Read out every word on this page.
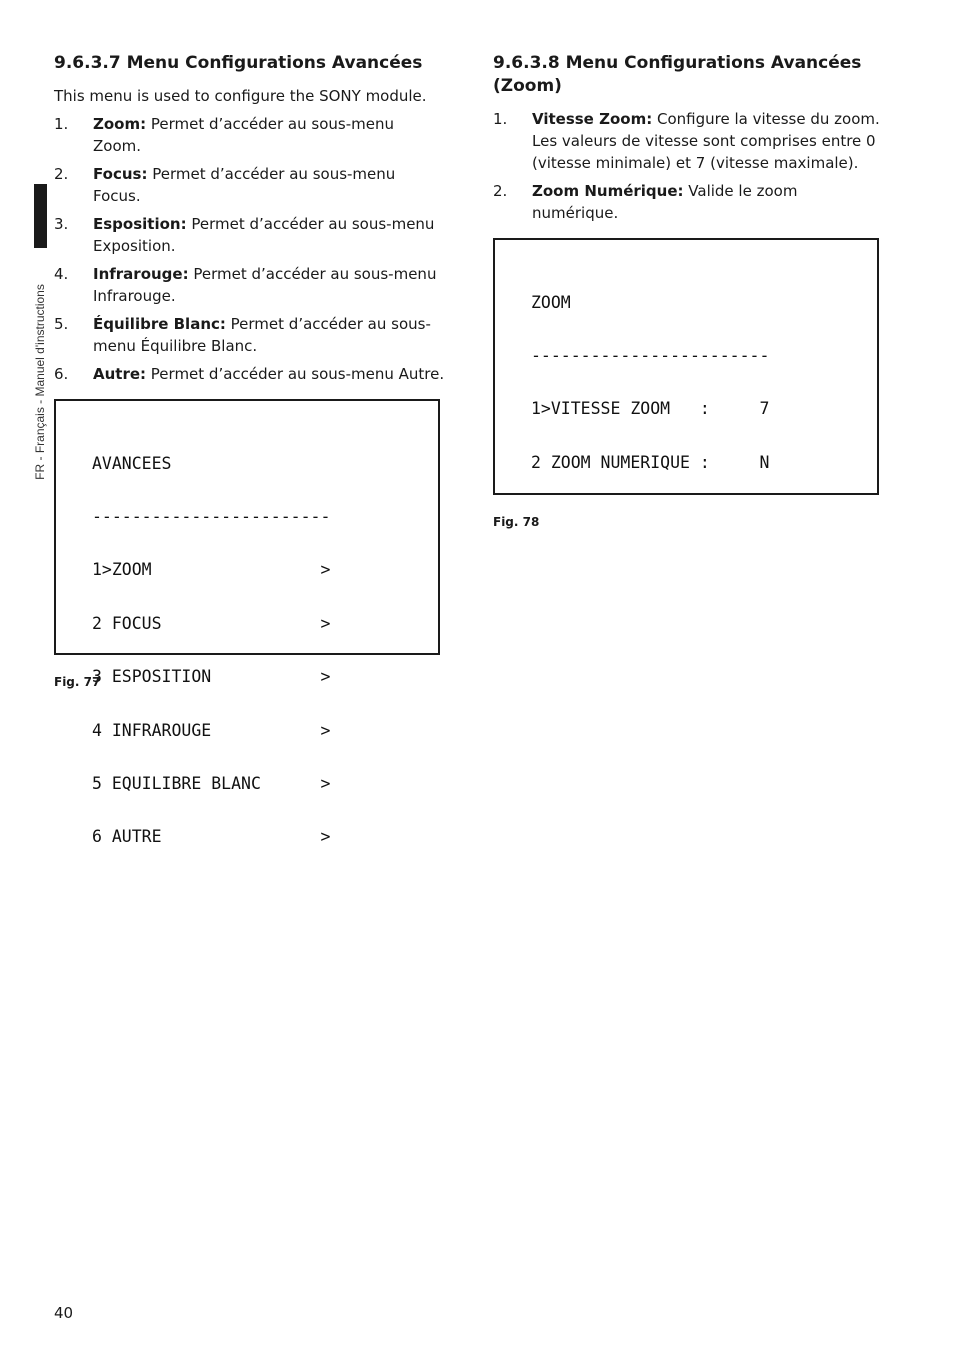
FR - Français - Manuel d'instructions
9.6.3.7 Menu Configurations Avancées

This menu is used to configure the SONY module.

1. Zoom: Permet d’accéder au sous-menu Zoom.
2. Focus: Permet d’accéder au sous-menu Focus.
3. Esposition: Permet d’accéder au sous-menu Exposition.
4. Infrarouge: Permet d’accéder au sous-menu Infrarouge.
5. Équilibre Blanc: Permet d’accéder au sous-menu Équilibre Blanc.
6. Autre: Permet d’accéder au sous-menu Autre.

AVANCEES

------------------------

1>ZOOM                 >

2 FOCUS                >

3 ESPOSITION           >

4 INFRAROUGE           >

5 EQUILIBRE BLANC      >

6 AUTRE                >

Fig. 77
9.6.3.8 Menu Configurations Avancées (Zoom)
1. Vitesse Zoom: Configure la vitesse du zoom. Les valeurs de vitesse sont comprises entre 0 (vitesse minimale) et 7 (vitesse maximale).
2. Zoom Numérique: Valide le zoom numérique.

ZOOM

------------------------

1>VITESSE ZOOM   :     7

2 ZOOM NUMERIQUE :     N

Fig. 78
40
